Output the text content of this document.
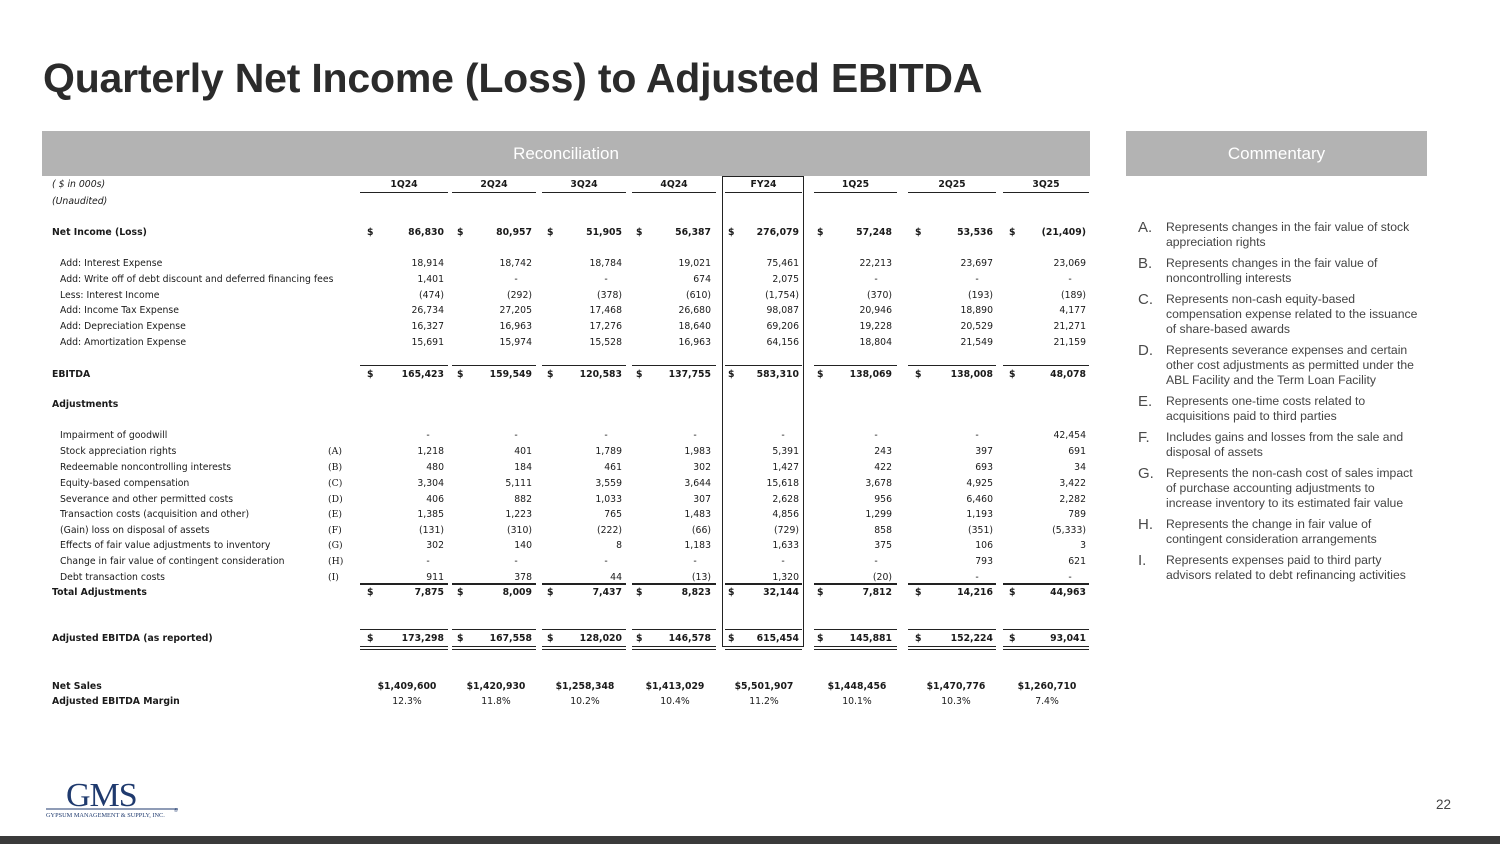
Quarterly Net Income (Loss) to Adjusted EBITDA
Reconciliation	Commentary
( $ in 000s)
(Unaudited)
1Q24	2Q24	3Q24	4Q24	FY24	1Q25	2Q25	3Q25
Net Income (Loss)	$	86,830 $	80,957 $	51,905 $	56,387 $ 276,079 $	57,248 $	53,536 $	(21,409)
Add: Interest Expense	18,914	18,742	18,784	19,021	75,461	22,213	23,697	23,069
Add: Write off of debt discount and deferred financing fees	1,401	-	-	674	2,075	-	-	-
Less: Interest Income	(474)	(292)	(378)	(610)	(1,754)	(370)	(193)	(189)
Add: Income Tax Expense	26,734	27,205	17,468	26,680	98,087	20,946	18,890	4,177
Add: Depreciation Expense	16,327	16,963	17,276	18,640	69,206	19,228	20,529	21,271
Add: Amortization Expense	15,691	15,974	15,528	16,963	64,156	18,804	21,549	21,159
EBITDA	$	165,423 $	159,549 $	120,583 $	137,755 $ 583,310 $	138,069 $	138,008 $	48,078
Adjustments
Impairment of goodwill	-	-	-	-	-	-	-	42,454
Stock appreciation rights	(A)	1,218	401	1,789	1,983	5,391	243	397	691
Redeemable noncontrolling interests	(B)	480	184	461	302	1,427	422	693	34
Equity-based compensation	(C)	3,304	5,111	3,559	3,644	15,618	3,678	4,925	3,422
Severance and other permitted costs	(D)	406	882	1,033	307	2,628	956	6,460	2,282
Transaction costs (acquisition and other)	(E)	1,385	1,223	765	1,483	4,856	1,299	1,193	789
(Gain) loss on disposal of assets	(F)	(131)	(310)	(222)	(66)	(729)	858	(351)	(5,333)
Effects of fair value adjustments to inventory	(G)	302	140	8	1,183	1,633	375	106	3
Change in fair value of contingent consideration	(H)	-	-	-	-	-	-	793	621
Debt transaction costs	(I)	911	378	44	(13)	1,320	(20)	-	-
Total Adjustments	$	7,875 $	8,009 $	7,437 $	8,823 $	32,144 $	7,812 $	14,216 $	44,963
Adjusted EBITDA (as reported)	$	173,298 $	167,558 $	128,020 $	146,578 $ 615,454 $	145,881 $	152,224 $	93,041
Net Sales	$1,409,600	$1,420,930	$1,258,348	$1,413,029	$5,501,907	$1,448,456	$1,470,776	$1,260,710
Adjusted EBITDA Margin	12.3%	11.8%	10.2%	10.4%	11.2%	10.1%	10.3%	7.4%
A.	Represents changes in the fair value of stock appreciation rights
B.	Represents changes in the fair value of noncontrolling interests
C.	Represents non-cash equity-based compensation expense related to the issuance of share-based awards
D.	Represents severance expenses and certain other cost adjustments as permitted under the ABL Facility and the Term Loan Facility
E.	Represents one-time costs related to acquisitions paid to third parties
F.	Includes gains and losses from the sale and disposal of assets
G. Represents the non-cash cost of sales impact of purchase accounting adjustments to increase inventory to its estimated fair value
H.	Represents the change in fair value of contingent consideration arrangements
I.	Represents expenses paid to third party advisors related to debt refinancing activities
GMS
GYPSUM MANAGEMENT & SUPPLY, INC.
®	22
